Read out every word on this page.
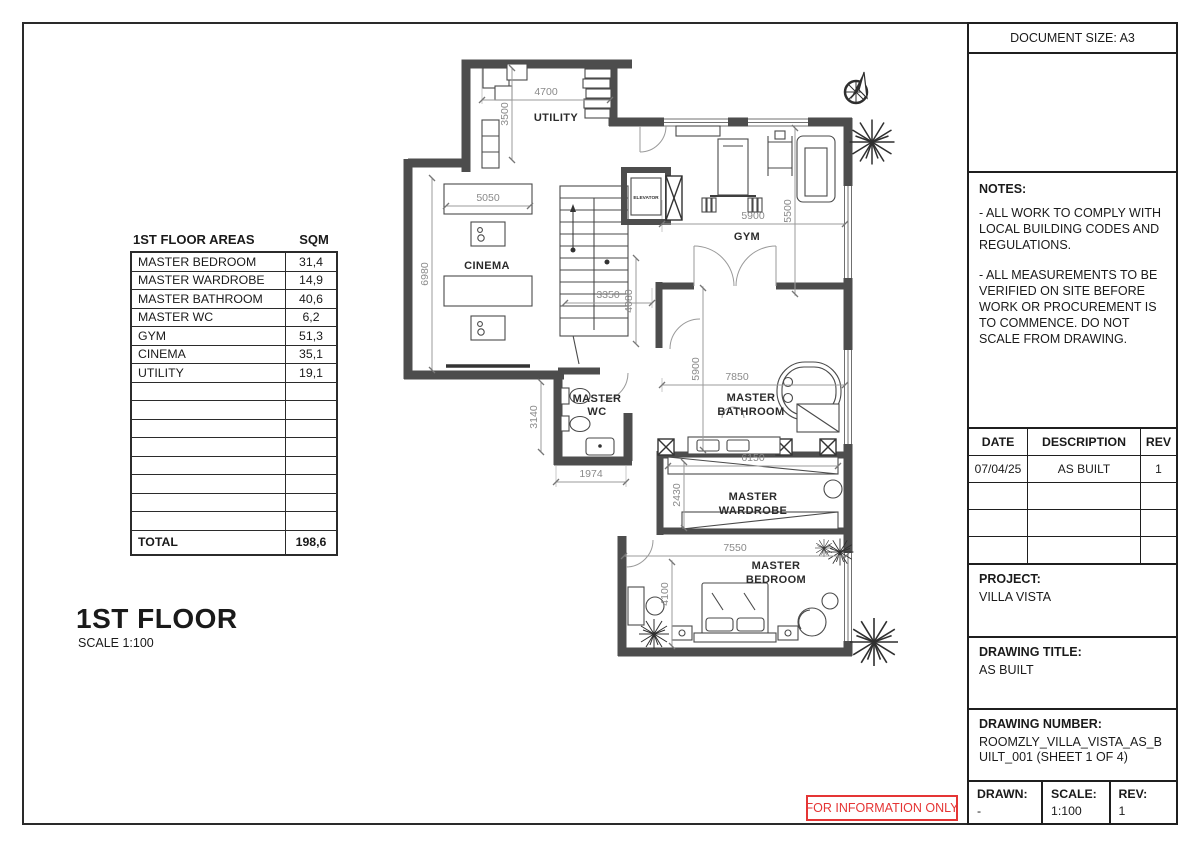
ELEVATOR
4700
3500
5050
6980
3350 4080
5900 5500
5900 7850
3140
1974
6150
2430
7550
4100
UTILITY
CINEMA
GYM
MASTER
WC
MASTER
BATHROOM
MASTER
WARDROBE
MASTER
BEDROOM
1ST FLOOR AREAS	SQM
MASTER BEDROOM	31,4
MASTER WARDROBE	14,9
MASTER BATHROOM	40,6
MASTER WC	6,2
GYM	51,3
CINEMA	35,1
UTILITY	19,1

TOTAL	198,6
1ST FLOOR
SCALE 1:100
DOCUMENT SIZE: A3
NOTES:

- ALL WORK TO COMPLY WITH LOCAL BUILDING CODES AND REGULATIONS.

- ALL MEASUREMENTS TO BE VERIFIED ON SITE BEFORE WORK OR PROCUREMENT IS TO COMMENCE. DO NOT SCALE FROM DRAWING.

DATE	DESCRIPTION	REV
07/04/25	AS BUILT	1
PROJECT:
VILLA VISTA
DRAWING TITLE:
AS BUILT
DRAWING NUMBER:
ROOMZLY_VILLA_VISTA_AS_BUILT_001 (SHEET 1 OF 4)
DRAWN:
-
SCALE:
1:100
REV:
1
FOR INFORMATION ONLY
